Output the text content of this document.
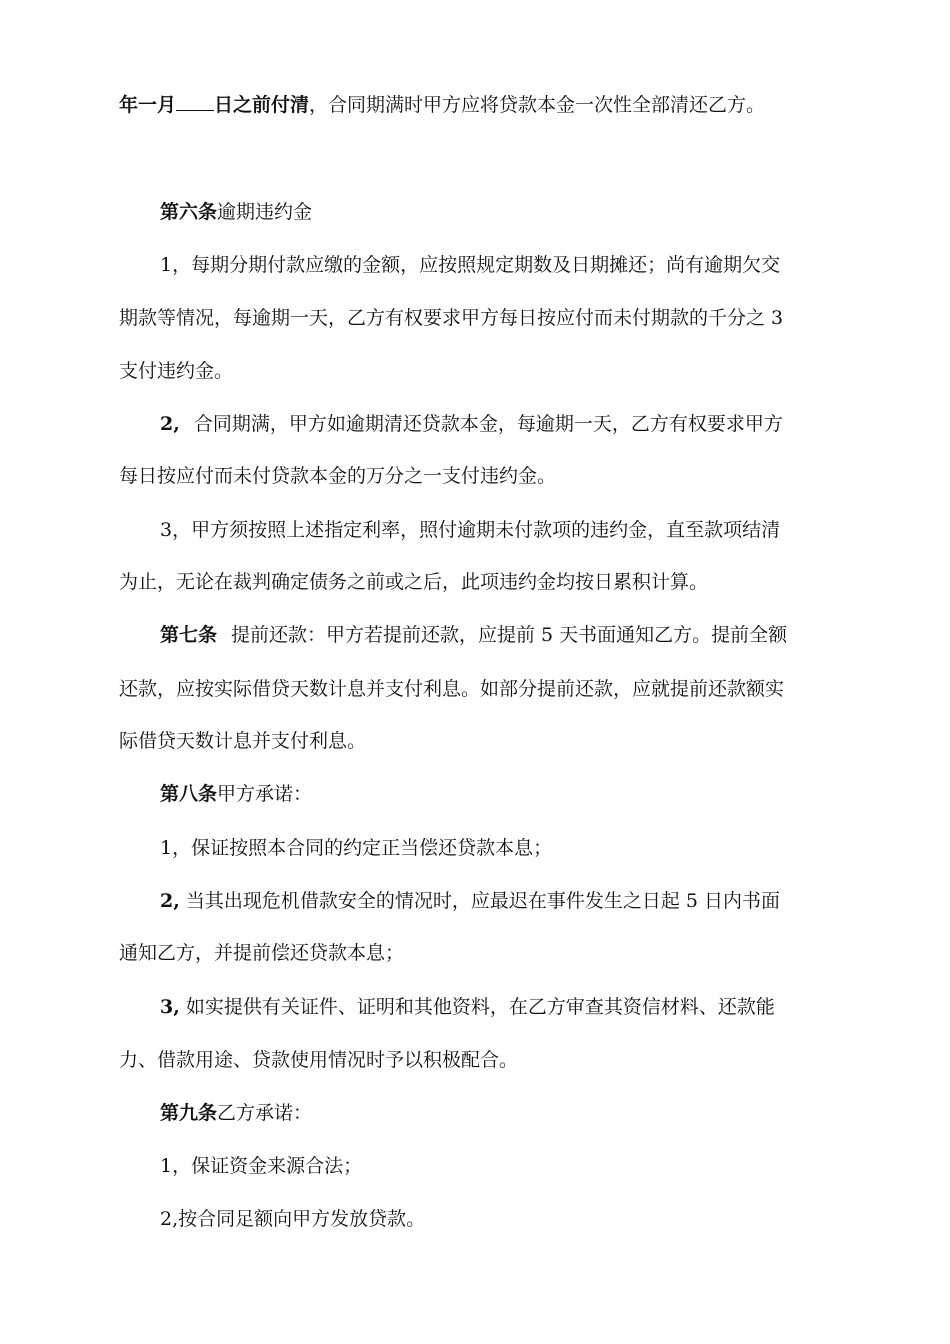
年一月 日之前付清，合同期满时甲方应将贷款本金一次性全部清还乙方。
第六条逾期违约金
1，每期分期付款应缴的金额，应按照规定期数及日期摊还；尚有逾期欠交
期款等情况，每逾期一天，乙方有权要求甲方每日按应付而未付期款的千分之 3
支付违约金。
2, 合同期满，甲方如逾期清还贷款本金，每逾期一天，乙方有权要求甲方
每日按应付而未付贷款本金的万分之一支付违约金。
3，甲方须按照上述指定利率，照付逾期未付款项的违约金，直至款项结清
为止，无论在裁判确定债务之前或之后，此项违约金均按日累积计算。
第七条 提前还款：甲方若提前还款，应提前 5 天书面通知乙方。提前全额
还款，应按实际借贷天数计息并支付利息。如部分提前还款，应就提前还款额实
际借贷天数计息并支付利息。
第八条甲方承诺：
1，保证按照本合同的约定正当偿还贷款本息；
2, 当其出现危机借款安全的情况时，应最迟在事件发生之日起 5 日内书面
通知乙方，并提前偿还贷款本息；
3, 如实提供有关证件、证明和其他资料，在乙方审查其资信材料、还款能
力、借款用途、贷款使用情况时予以积极配合。
第九条乙方承诺：
1，保证资金来源合法；
2,按合同足额向甲方发放贷款。
